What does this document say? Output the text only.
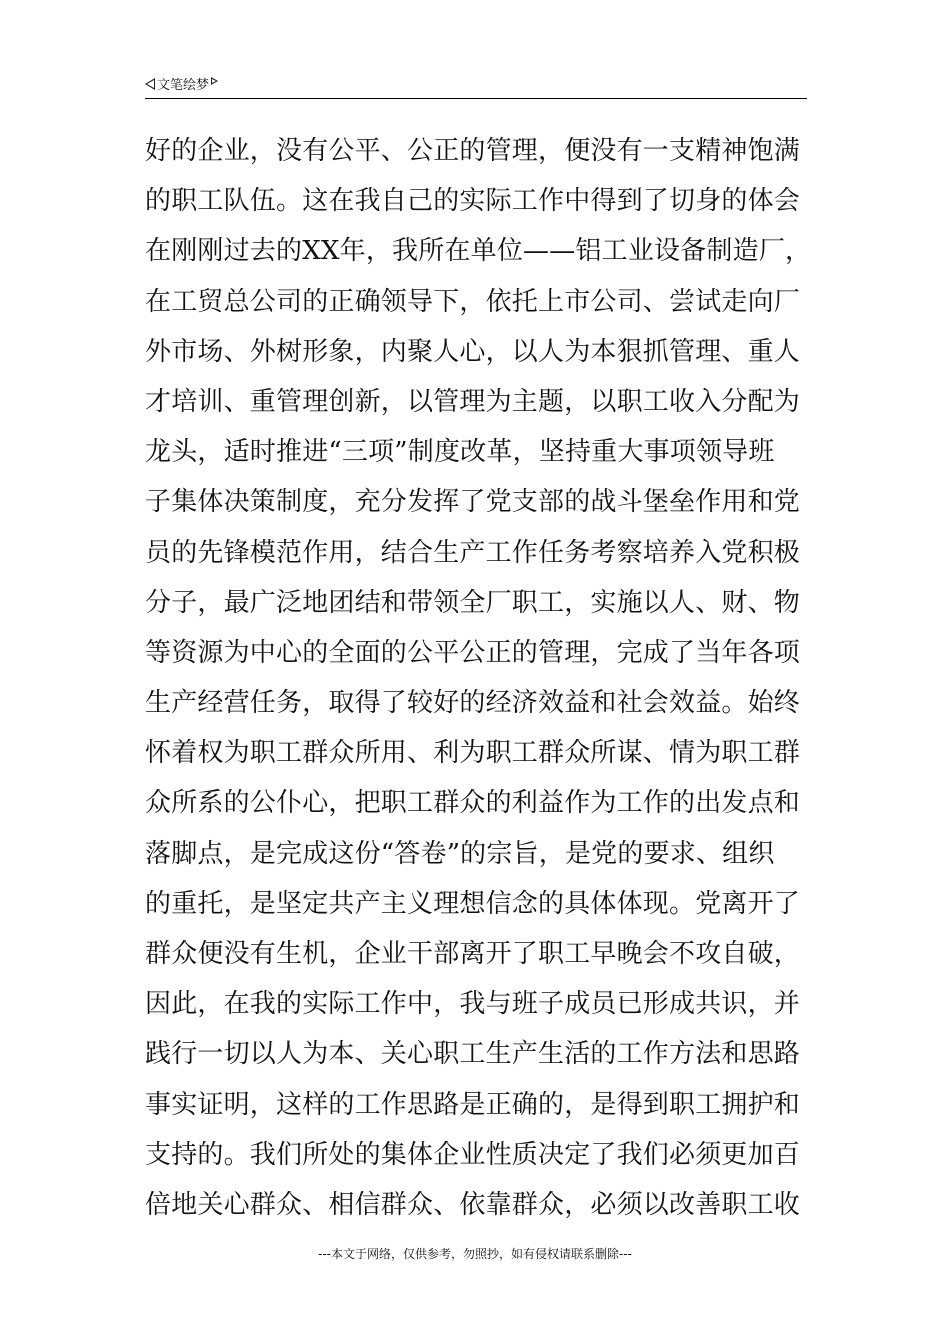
文笔绘梦
好的企业，没有公平、公正的管理，便没有一支精神饱满
的职工队伍。这在我自己的实际工作中得到了切身的体会
在刚刚过去的XX年，我所在单位——铝工业设备制造厂，
在工贸总公司的正确领导下，依托上市公司、尝试走向厂
外市场、外树形象，内聚人心，以人为本狠抓管理、重人
才培训、重管理创新，以管理为主题，以职工收入分配为
龙头，适时推进“三项”制度改革，坚持重大事项领导班
子集体决策制度，充分发挥了党支部的战斗堡垒作用和党
员的先锋模范作用，结合生产工作任务考察培养入党积极
分子，最广泛地团结和带领全厂职工，实施以人、财、物
等资源为中心的全面的公平公正的管理，完成了当年各项
生产经营任务，取得了较好的经济效益和社会效益。始终
怀着权为职工群众所用、利为职工群众所谋、情为职工群
众所系的公仆心，把职工群众的利益作为工作的出发点和
落脚点，是完成这份“答卷”的宗旨，是党的要求、组织
的重托，是坚定共产主义理想信念的具体体现。党离开了
群众便没有生机，企业干部离开了职工早晚会不攻自破，
因此，在我的实际工作中，我与班子成员已形成共识，并
践行一切以人为本、关心职工生产生活的工作方法和思路
事实证明，这样的工作思路是正确的，是得到职工拥护和
支持的。我们所处的集体企业性质决定了我们必须更加百
倍地关心群众、相信群众、依靠群众，必须以改善职工收
---本文于网络，仅供参考，勿照抄，如有侵权请联系删除---
